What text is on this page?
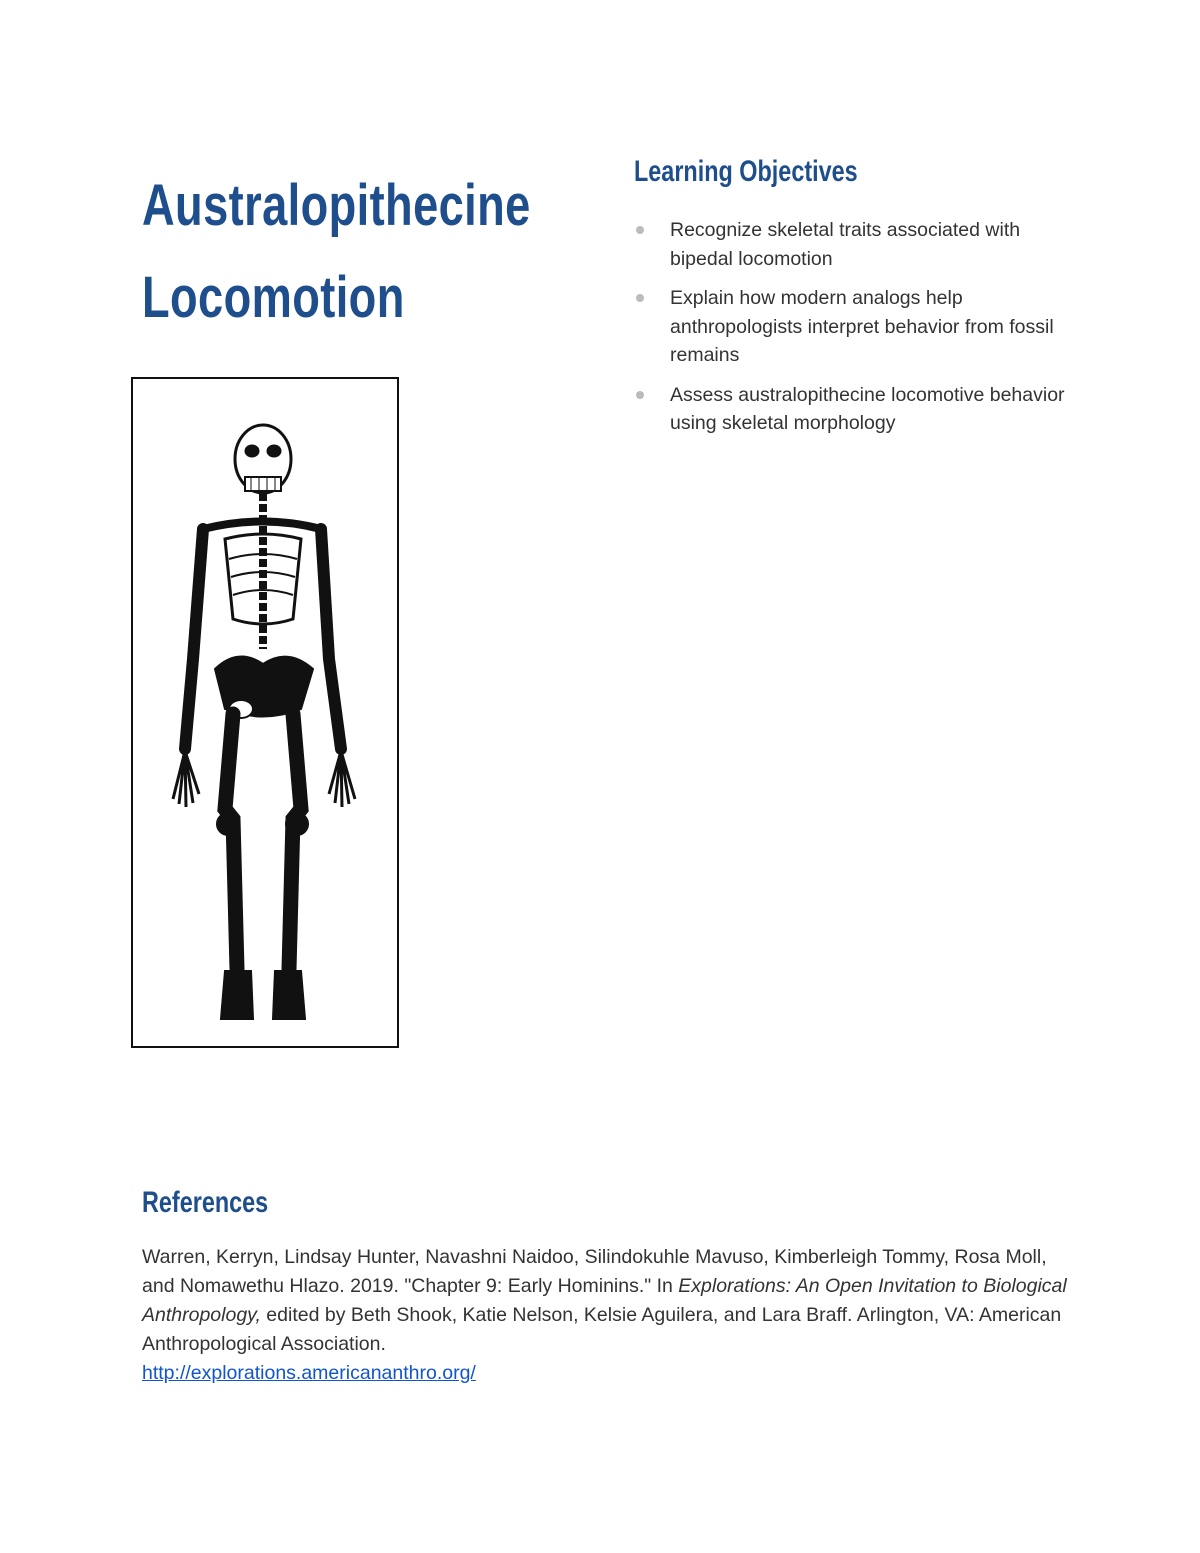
Australopithecine
Locomotion
Learning Objectives
Recognize skeletal traits associated with bipedal locomotion
Explain how modern analogs help anthropologists interpret behavior from fossil remains
Assess australopithecine locomotive behavior using skeletal morphology
References

Warren, Kerryn, Lindsay Hunter, Navashni Naidoo, Silindokuhle Mavuso, Kimberleigh Tommy, Rosa Moll, and Nomawethu Hlazo. 2019. "Chapter 9: Early Hominins." In Explorations: An Open Invitation to Biological Anthropology, edited by Beth Shook, Katie Nelson, Kelsie Aguilera, and Lara Braff. Arlington, VA: American Anthropological Association.
http://explorations.americananthro.org/
